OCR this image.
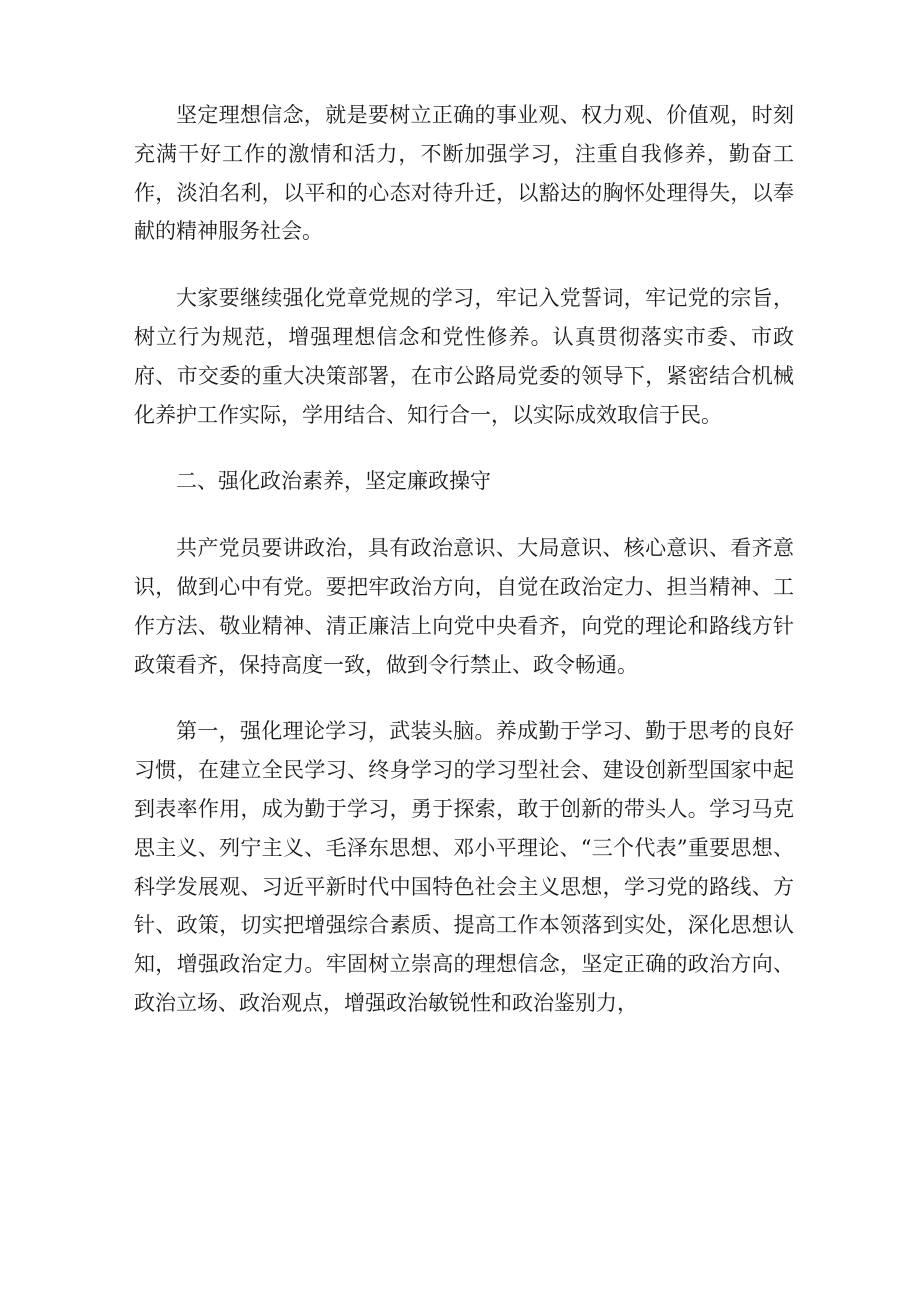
坚定理想信念，就是要树立正确的事业观、权力观、价值观，时刻充满干好工作的激情和活力，不断加强学习，注重自我修养，勤奋工作，淡泊名利，以平和的心态对待升迁，以豁达的胸怀处理得失，以奉献的精神服务社会。

大家要继续强化党章党规的学习，牢记入党誓词，牢记党的宗旨，树立行为规范，增强理想信念和党性修养。认真贯彻落实市委、市政府、市交委的重大决策部署，在市公路局党委的领导下，紧密结合机械化养护工作实际，学用结合、知行合一，以实际成效取信于民。

二、强化政治素养，坚定廉政操守

共产党员要讲政治，具有政治意识、大局意识、核心意识、看齐意识，做到心中有党。要把牢政治方向，自觉在政治定力、担当精神、工作方法、敬业精神、清正廉洁上向党中央看齐，向党的理论和路线方针政策看齐，保持高度一致，做到令行禁止、政令畅通。

第一，强化理论学习，武装头脑。养成勤于学习、勤于思考的良好习惯，在建立全民学习、终身学习的学习型社会、建设创新型国家中起到表率作用，成为勤于学习，勇于探索，敢于创新的带头人。学习马克思主义、列宁主义、毛泽东思想、邓小平理论、“三个代表”重要思想、科学发展观、习近平新时代中国特色社会主义思想，学习党的路线、方针、政策，切实把增强综合素质、提高工作本领落到实处，深化思想认知，增强政治定力。牢固树立崇高的理想信念，坚定正确的政治方向、政治立场、政治观点，增强政治敏锐性和政治鉴别力，
